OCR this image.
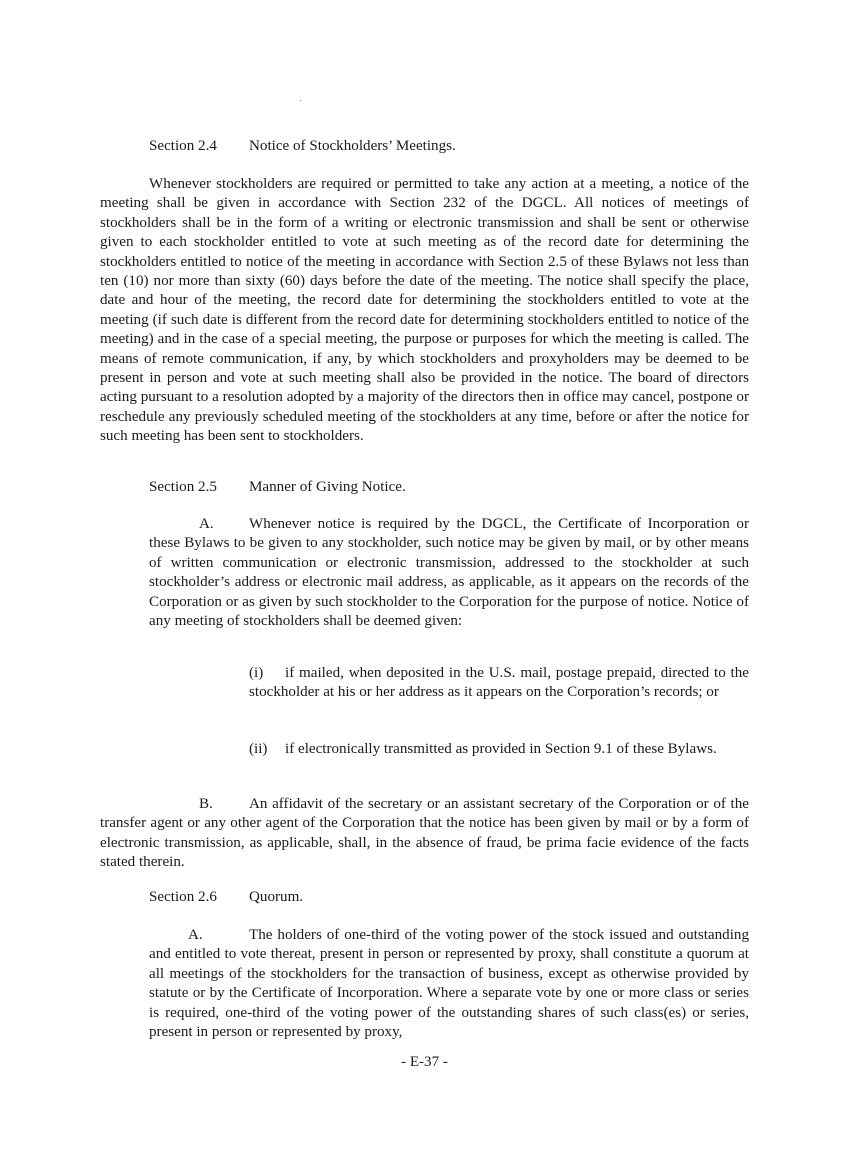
Section 2.4 Notice of Stockholders’ Meetings.

Whenever stockholders are required or permitted to take any action at a meeting, a notice of the meeting shall be given in accordance with Section 232 of the DGCL. All notices of meetings of stockholders shall be in the form of a writing or electronic transmission and shall be sent or otherwise given to each stockholder entitled to vote at such meeting as of the record date for determining the stockholders entitled to notice of the meeting in accordance with Section 2.5 of these Bylaws not less than ten (10) nor more than sixty (60) days before the date of the meeting. The notice shall specify the place, date and hour of the meeting, the record date for determining the stockholders entitled to vote at the meeting (if such date is different from the record date for determining stockholders entitled to notice of the meeting) and in the case of a special meeting, the purpose or purposes for which the meeting is called. The means of remote communication, if any, by which stockholders and proxyholders may be deemed to be present in person and vote at such meeting shall also be provided in the notice. The board of directors acting pursuant to a resolution adopted by a majority of the directors then in office may cancel, postpone or reschedule any previously scheduled meeting of the stockholders at any time, before or after the notice for such meeting has been sent to stockholders.

Section 2.5 Manner of Giving Notice.

A. Whenever notice is required by the DGCL, the Certificate of Incorporation or these Bylaws to be given to any stockholder, such notice may be given by mail, or by other means of written communication or electronic transmission, addressed to the stockholder at such stockholder’s address or electronic mail address, as applicable, as it appears on the records of the Corporation or as given by such stockholder to the Corporation for the purpose of notice. Notice of any meeting of stockholders shall be deemed given:

(i) if mailed, when deposited in the U.S. mail, postage prepaid, directed to the stockholder at his or her address as it appears on the Corporation’s records; or

(ii) if electronically transmitted as provided in Section 9.1 of these Bylaws.

B. An affidavit of the secretary or an assistant secretary of the Corporation or of the transfer agent or any other agent of the Corporation that the notice has been given by mail or by a form of electronic transmission, as applicable, shall, in the absence of fraud, be prima facie evidence of the facts stated therein.

Section 2.6 Quorum.

A.	The holders of one-third of the voting power of the stock issued and outstanding and entitled to vote thereat, present in person or represented by proxy, shall constitute a quorum at all meetings of the stockholders for the transaction of business, except as otherwise provided by statute or by the Certificate of Incorporation. Where a separate vote by one or more class or series is required, one-third of the voting power of the outstanding shares of such class(es) or series, present in person or represented by proxy,

- E-37 -
